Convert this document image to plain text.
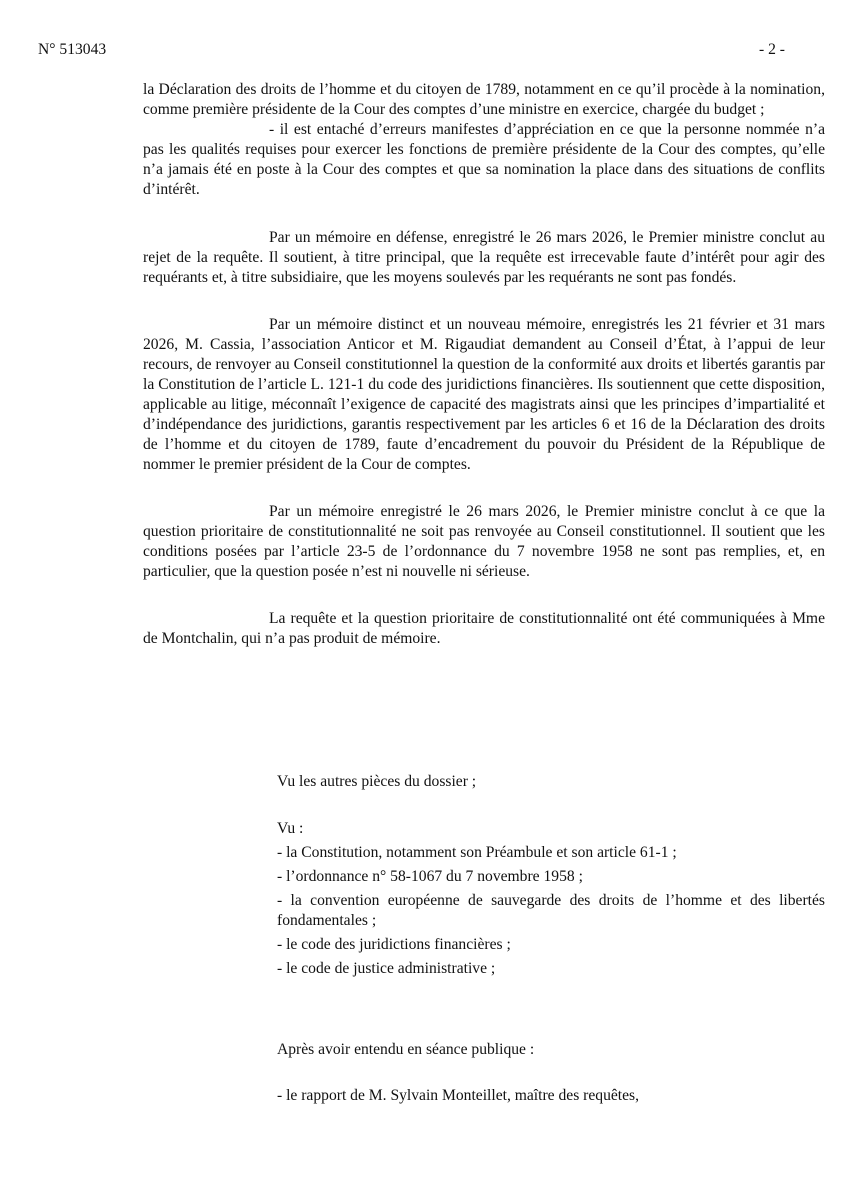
N° 513043	- 2 -

la Déclaration des droits de l’homme et du citoyen de 1789, notamment en ce qu’il procède à la nomination, comme première présidente de la Cour des comptes d’une ministre en exercice, chargée du budget ;

- il est entaché d’erreurs manifestes d’appréciation en ce que la personne nommée n’a pas les qualités requises pour exercer les fonctions de première présidente de la Cour des comptes, qu’elle n’a jamais été en poste à la Cour des comptes et que sa nomination la place dans des situations de conflits d’intérêt.

Par un mémoire en défense, enregistré le 26 mars 2026, le Premier ministre conclut au rejet de la requête. Il soutient, à titre principal, que la requête est irrecevable faute d’intérêt pour agir des requérants et, à titre subsidiaire, que les moyens soulevés par les requérants ne sont pas fondés.

Par un mémoire distinct et un nouveau mémoire, enregistrés les 21 février et 31 mars 2026, M. Cassia, l’association Anticor et M. Rigaudiat demandent au Conseil d’État, à l’appui de leur recours, de renvoyer au Conseil constitutionnel la question de la conformité aux droits et libertés garantis par la Constitution de l’article L. 121-1 du code des juridictions financières. Ils soutiennent que cette disposition, applicable au litige, méconnaît l’exigence de capacité des magistrats ainsi que les principes d’impartialité et d’indépendance des juridictions, garantis respectivement par les articles 6 et 16 de la Déclaration des droits de l’homme et du citoyen de 1789, faute d’encadrement du pouvoir du Président de la République de nommer le premier président de la Cour de comptes.

Par un mémoire enregistré le 26 mars 2026, le Premier ministre conclut à ce que la question prioritaire de constitutionnalité ne soit pas renvoyée au Conseil constitutionnel. Il soutient que les conditions posées par l’article 23-5 de l’ordonnance du 7 novembre 1958 ne sont pas remplies, et, en particulier, que la question posée n’est ni nouvelle ni sérieuse.

La requête et la question prioritaire de constitutionnalité ont été communiquées à Mme de Montchalin, qui n’a pas produit de mémoire.

Vu les autres pièces du dossier ;

Vu :

- la Constitution, notamment son Préambule et son article 61-1 ;

- l’ordonnance n° 58-1067 du 7 novembre 1958 ;

- la convention européenne de sauvegarde des droits de l’homme et des libertés fondamentales ;

- le code des juridictions financières ;

- le code de justice administrative ;

Après avoir entendu en séance publique :

- le rapport de M. Sylvain Monteillet, maître des requêtes,
